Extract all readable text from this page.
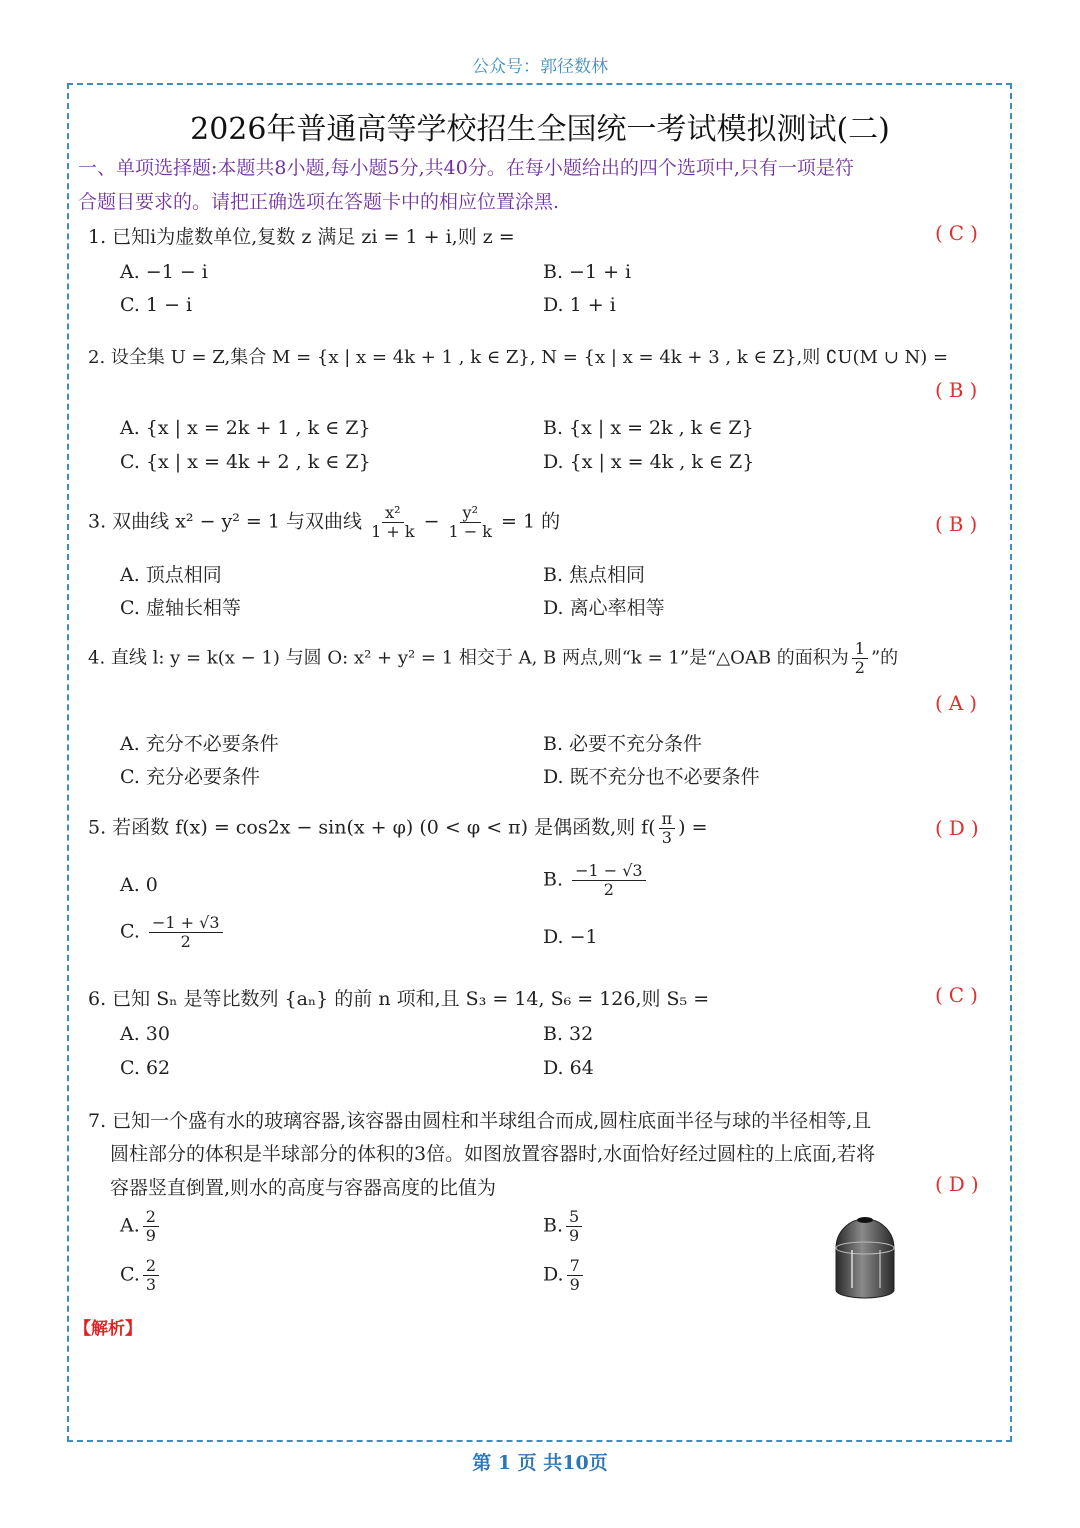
公众号：郭径数林
2026年普通高等学校招生全国统一考试模拟测试(二)
一、单项选择题:本题共8小题,每小题5分,共40分。在每小题给出的四个选项中,只有一项是符
合题目要求的。请把正确选项在答题卡中的相应位置涂黑.
1. 已知i为虚数单位,复数 z 满足 zi = 1 + i,则 z =	(C)
A. −1 − i	B. −1 + i
C. 1 − i	D. 1 + i
2. 设全集 U = Z,集合 M = {x | x = 4k + 1 , k ∈ Z}, N = {x | x = 4k + 3 , k ∈ Z},则 ∁U(M ∪ N) =
(B)
A. {x | x = 2k + 1 , k ∈ Z}	B. {x | x = 2k , k ∈ Z}
C. {x | x = 4k + 2 , k ∈ Z}	D. {x | x = 4k , k ∈ Z}
3. 双曲线 x² − y² = 1 与双曲线 $\frac{\text{x²}}{1 + k} - \frac{\text{y²}}{1 - k} = 1$ 的	(B)
A. 顶点相同	B. 焦点相同
C. 虚轴长相等	D. 离心率相等
4. 直线 l: y = k(x − 1) 与圆 O: x² + y² = 1 相交于 A, B 两点,则“k = 1”是“△OAB 的面积为 $\frac{1}{2}$ ”的
(A)
A. 充分不必要条件	B. 必要不充分条件
C. 充分必要条件	D. 既不充分也不必要条件
5. 若函数 f(x) = cos2x − sin(x + φ) (0 < φ < π) 是偶函数,则 $f( \frac{\pi}{3}$ ) =	(D)
A. 0	B. $\frac{-1 - √3}{2}$
C. $\frac{-1 + √3}{2}$	D. −1
6. 已知 Sₙ 是等比数列 {aₙ} 的前 n 项和,且 S₃ = 14, S₆ = 126,则 S₅ =	(C)
A. 30	B. 32
C. 62	D. 64
7. 已知一个盛有水的玻璃容器,该容器由圆柱和半球组合而成,圆柱底面半径与球的半径相等,且
圆柱部分的体积是半球部分的体积的3倍。如图放置容器时,水面恰好经过圆柱的上底面,若将
容器竖直倒置,则水的高度与容器高度的比值为	(D)
A. $\frac{2}{9}$	B. $\frac{5}{9}$
C. $\frac{2}{3}$	D. $\frac{7}{9}$
【解析】
第 1 页 共10页
